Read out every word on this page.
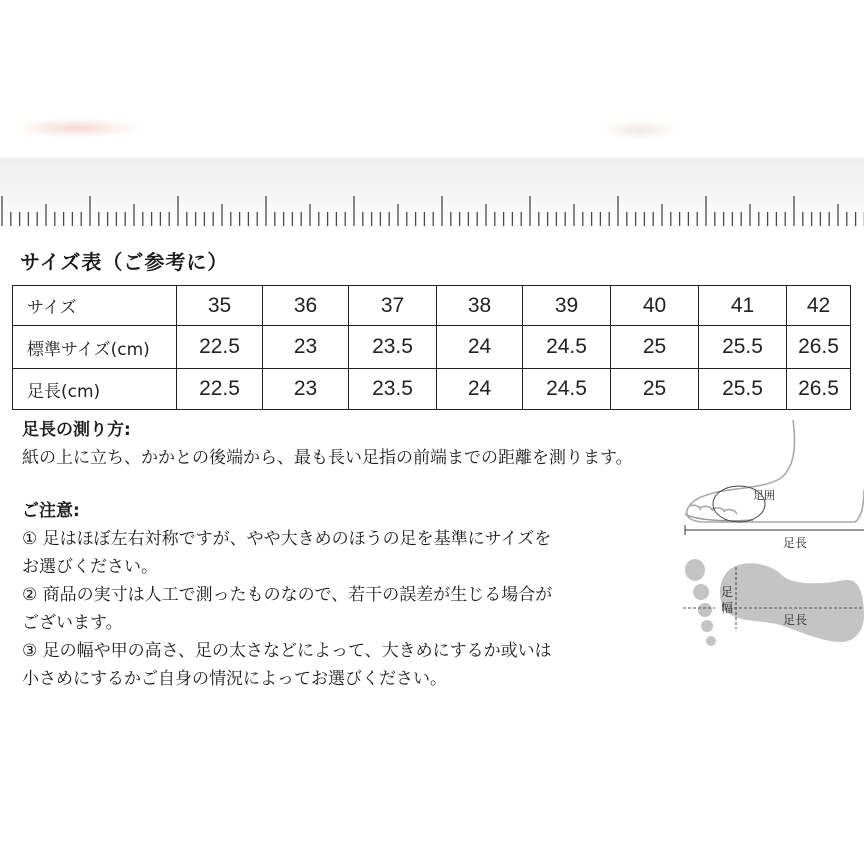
サイズ表（ご参考に）
サイズ	35	36	37	38	39	40	41	42
標準サイズ(cm)	22.5	23	23.5	24	24.5	25	25.5	26.5
足長(cm)	22.5	23	23.5	24	24.5	25	25.5	26.5
足長の測り方:
紙の上に立ち、かかとの後端から、最も長い足指の前端までの距離を測ります。
ご注意:
① 足はほぼ左右対称ですが、やや大きめのほうの足を基準にサイズを
お選びください。
② 商品の実寸は人工で測ったものなので、若干の誤差が生じる場合が
ございます。
③ 足の幅や甲の高さ、足の太さなどによって、大きめにするか或いは
小さめにするかご自身の情況によってお選びください。
足囲
足長
足
幅
足長
